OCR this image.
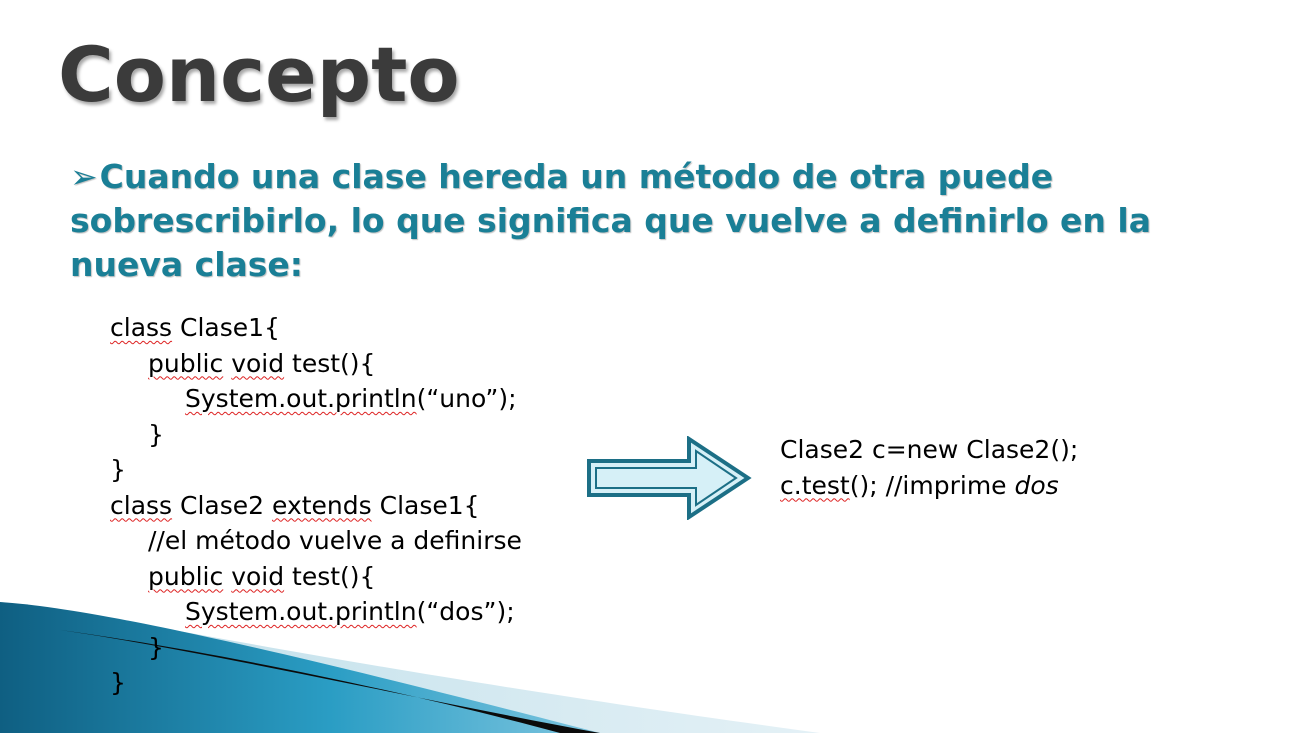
Concepto
➢Cuando una clase hereda un método de otra puede sobrescribirlo, lo que significa que vuelve a definirlo en la nueva clase:
class Clase1{
public void test(){
System.out.println(“uno”);
}
}
class Clase2 extends Clase1{
//el método vuelve a definirse
public void test(){
System.out.println(“dos”);
}
}
Clase2 c=new Clase2();
c.test(); //imprime dos
